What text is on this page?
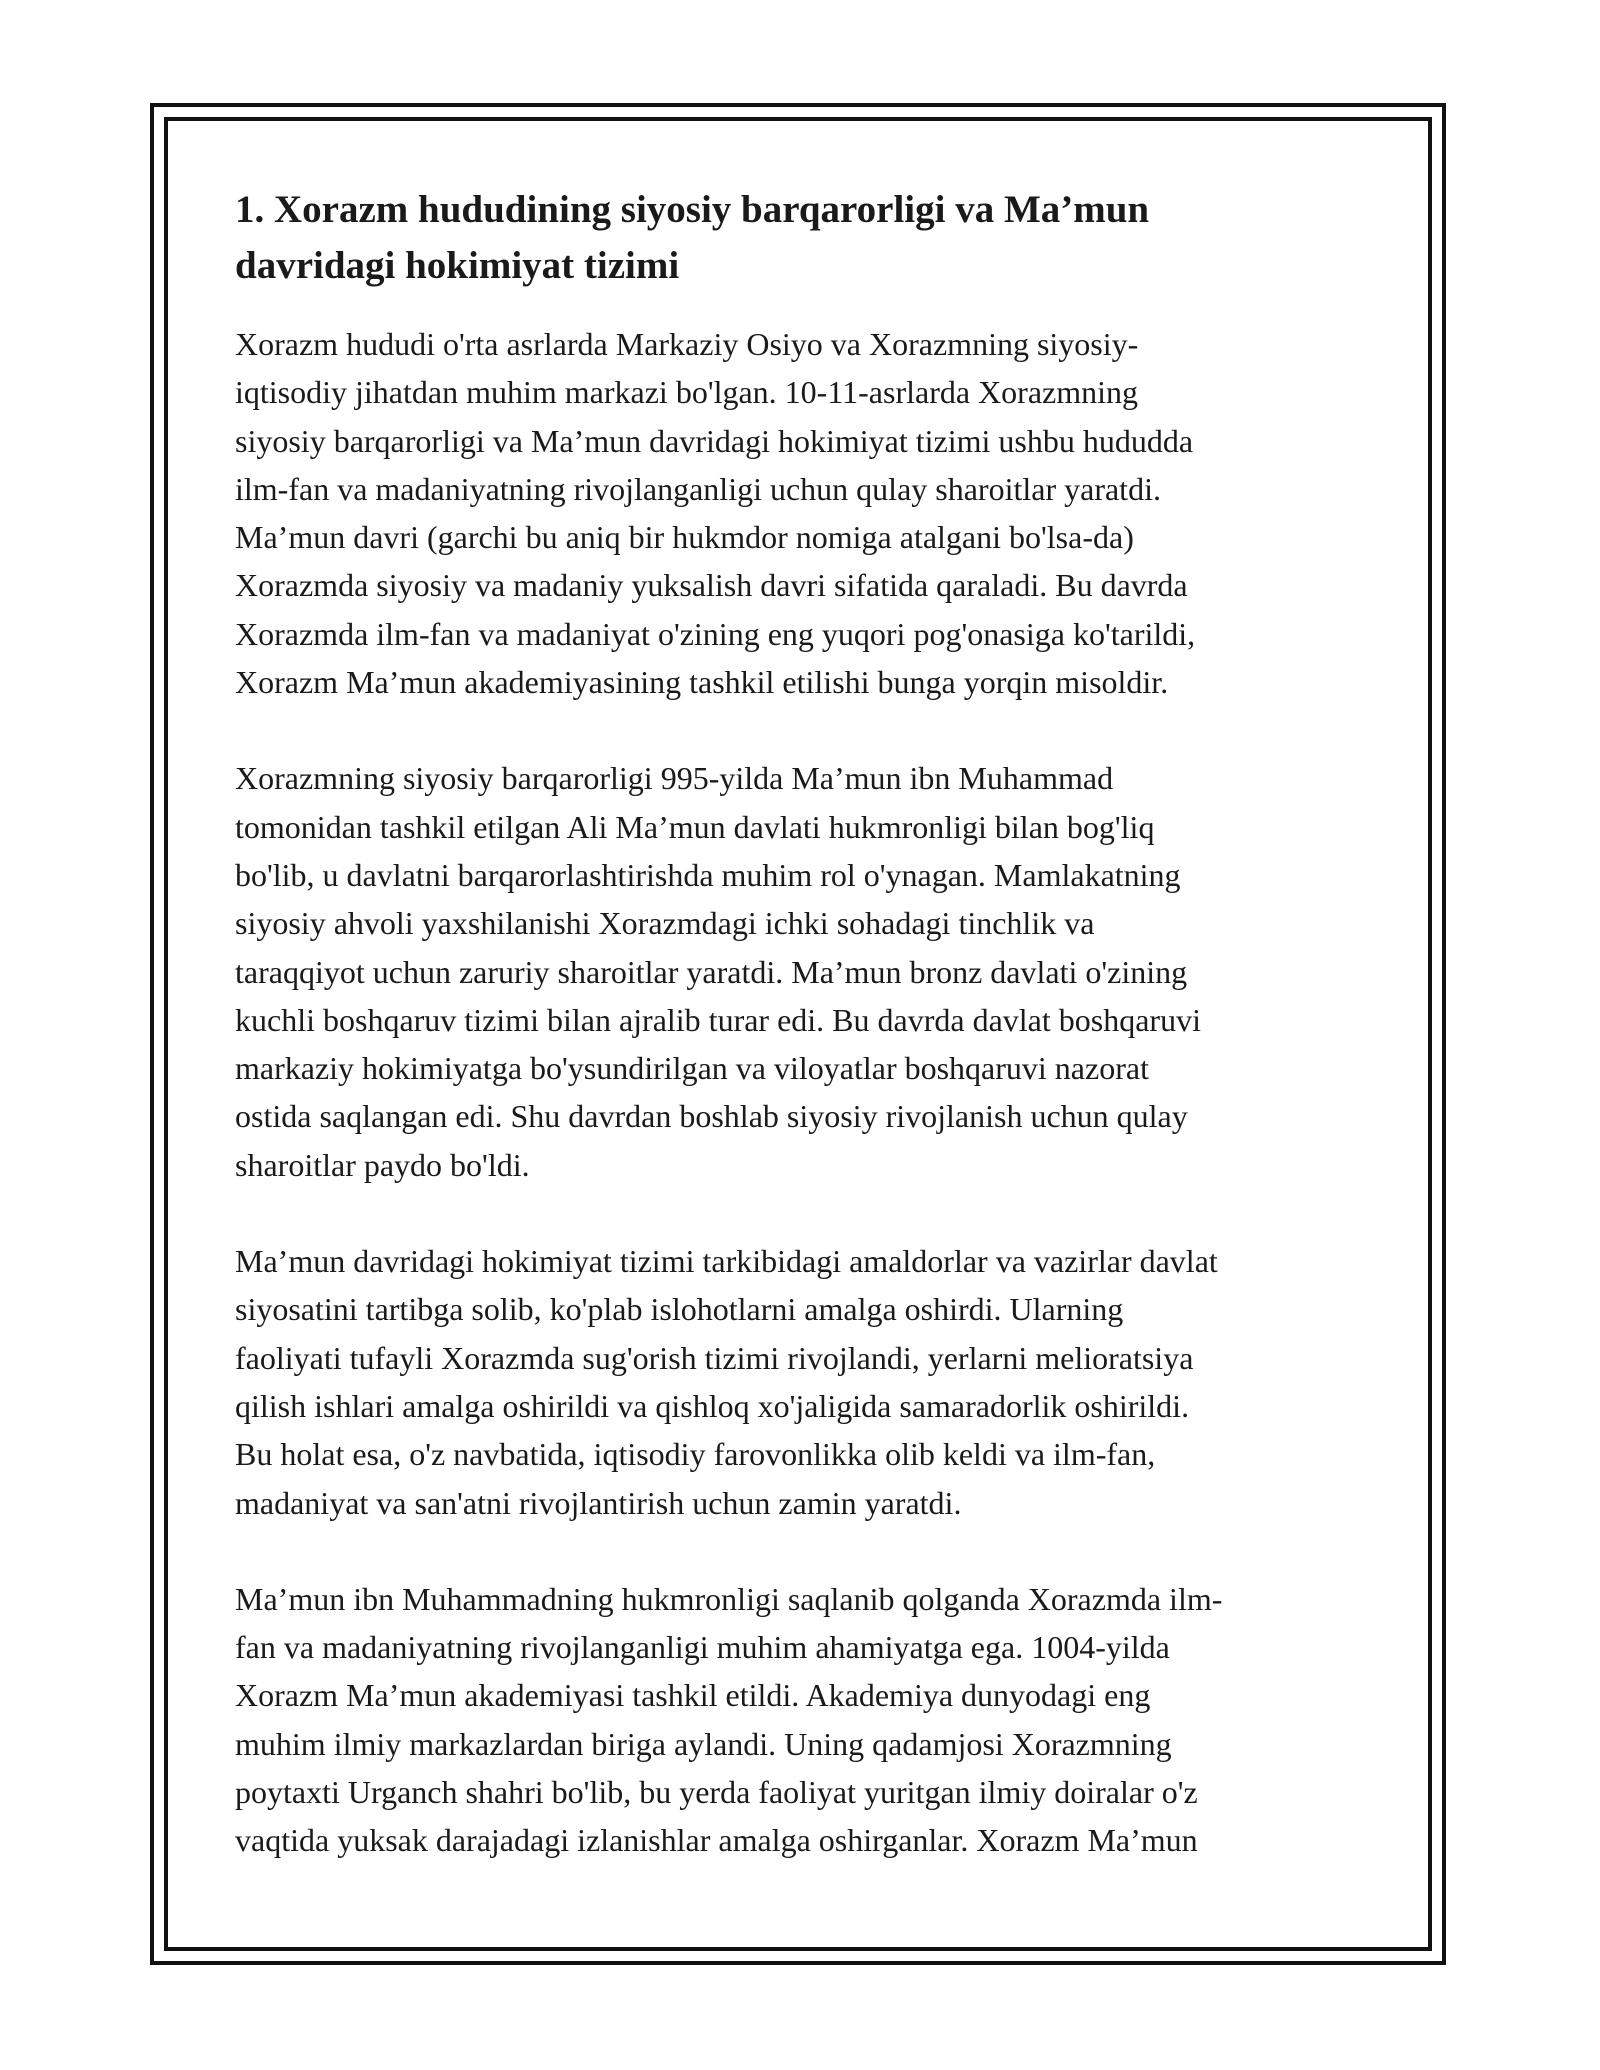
1. Xorazm hududining siyosiy barqarorligi va Ma’mun
davridagi hokimiyat tizimi

Xorazm hududi o'rta asrlarda Markaziy Osiyo va Xorazmning siyosiy-

iqtisodiy jihatdan muhim markazi bo'lgan. 10-11-asrlarda Xorazmning

siyosiy barqarorligi va Ma’mun davridagi hokimiyat tizimi ushbu hududda

ilm-fan va madaniyatning rivojlanganligi uchun qulay sharoitlar yaratdi.

Ma’mun davri (garchi bu aniq bir hukmdor nomiga atalgani bo'lsa-da)

Xorazmda siyosiy va madaniy yuksalish davri sifatida qaraladi. Bu davrda

Xorazmda ilm-fan va madaniyat o'zining eng yuqori pog'onasiga ko'tarildi,

Xorazm Ma’mun akademiyasining tashkil etilishi bunga yorqin misoldir.

Xorazmning siyosiy barqarorligi 995-yilda Ma’mun ibn Muhammad

tomonidan tashkil etilgan Ali Ma’mun davlati hukmronligi bilan bog'liq

bo'lib, u davlatni barqarorlashtirishda muhim rol o'ynagan. Mamlakatning

siyosiy ahvoli yaxshilanishi Xorazmdagi ichki sohadagi tinchlik va

taraqqiyot uchun zaruriy sharoitlar yaratdi. Ma’mun bronz davlati o'zining

kuchli boshqaruv tizimi bilan ajralib turar edi. Bu davrda davlat boshqaruvi

markaziy hokimiyatga bo'ysundirilgan va viloyatlar boshqaruvi nazorat

ostida saqlangan edi. Shu davrdan boshlab siyosiy rivojlanish uchun qulay

sharoitlar paydo bo'ldi.

Ma’mun davridagi hokimiyat tizimi tarkibidagi amaldorlar va vazirlar davlat

siyosatini tartibga solib, ko'plab islohotlarni amalga oshirdi. Ularning

faoliyati tufayli Xorazmda sug'orish tizimi rivojlandi, yerlarni melioratsiya

qilish ishlari amalga oshirildi va qishloq xo'jaligida samaradorlik oshirildi.

Bu holat esa, o'z navbatida, iqtisodiy farovonlikka olib keldi va ilm-fan,

madaniyat va san'atni rivojlantirish uchun zamin yaratdi.

Ma’mun ibn Muhammadning hukmronligi saqlanib qolganda Xorazmda ilm-

fan va madaniyatning rivojlanganligi muhim ahamiyatga ega. 1004-yilda

Xorazm Ma’mun akademiyasi tashkil etildi. Akademiya dunyodagi eng

muhim ilmiy markazlardan biriga aylandi. Uning qadamjosi Xorazmning

poytaxti Urganch shahri bo'lib, bu yerda faoliyat yuritgan ilmiy doiralar o'z

vaqtida yuksak darajadagi izlanishlar amalga oshirganlar. Xorazm Ma’mun
